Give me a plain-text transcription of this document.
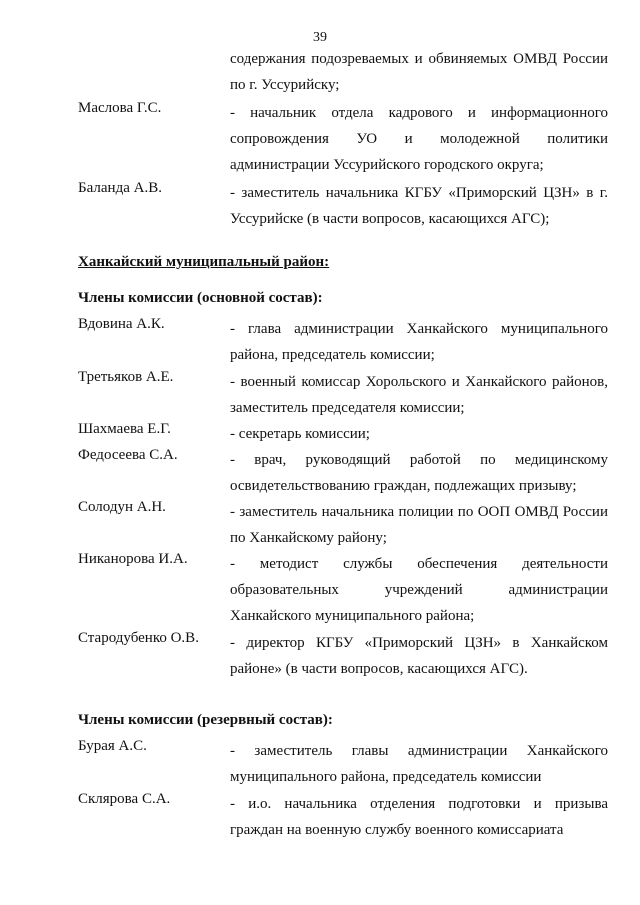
39
содержания подозреваемых и обвиняемых ОМВД России по г. Уссурийску;
Маслова Г.С.	- начальник отдела кадрового и информационного сопровождения УО и молодежной политики администрации Уссурийского городского округа;
Баланда А.В.	- заместитель начальника КГБУ «Приморский ЦЗН» в г. Уссурийске (в части вопросов, касающихся АГС);
Ханкайский муниципальный район:
Члены комиссии (основной состав):
Вдовина А.К.	- глава администрации Ханкайского муниципального района, председатель комиссии;
Третьяков А.Е.	- военный комиссар Хорольского и Ханкайского районов, заместитель председателя комиссии;
Шахмаева Е.Г.	- секретарь комиссии;
Федосеева С.А.	- врач, руководящий работой по медицинскому освидетельствованию граждан, подлежащих призыву;
Солодун А.Н.	- заместитель начальника полиции по ООП ОМВД России по Ханкайскому району;
Никанорова И.А.	- методист службы обеспечения деятельности образовательных учреждений администрации Ханкайского муниципального района;
Стародубенко О.В. - директор КГБУ «Приморский ЦЗН» в Ханкайском районе» (в части вопросов, касающихся АГС).
Члены комиссии (резервный состав):
Бурая А.С.	- заместитель главы администрации Ханкайского муниципального района, председатель комиссии
Склярова С.А.	- и.о. начальника отделения подготовки и призыва граждан на военную службу военного комиссариата
